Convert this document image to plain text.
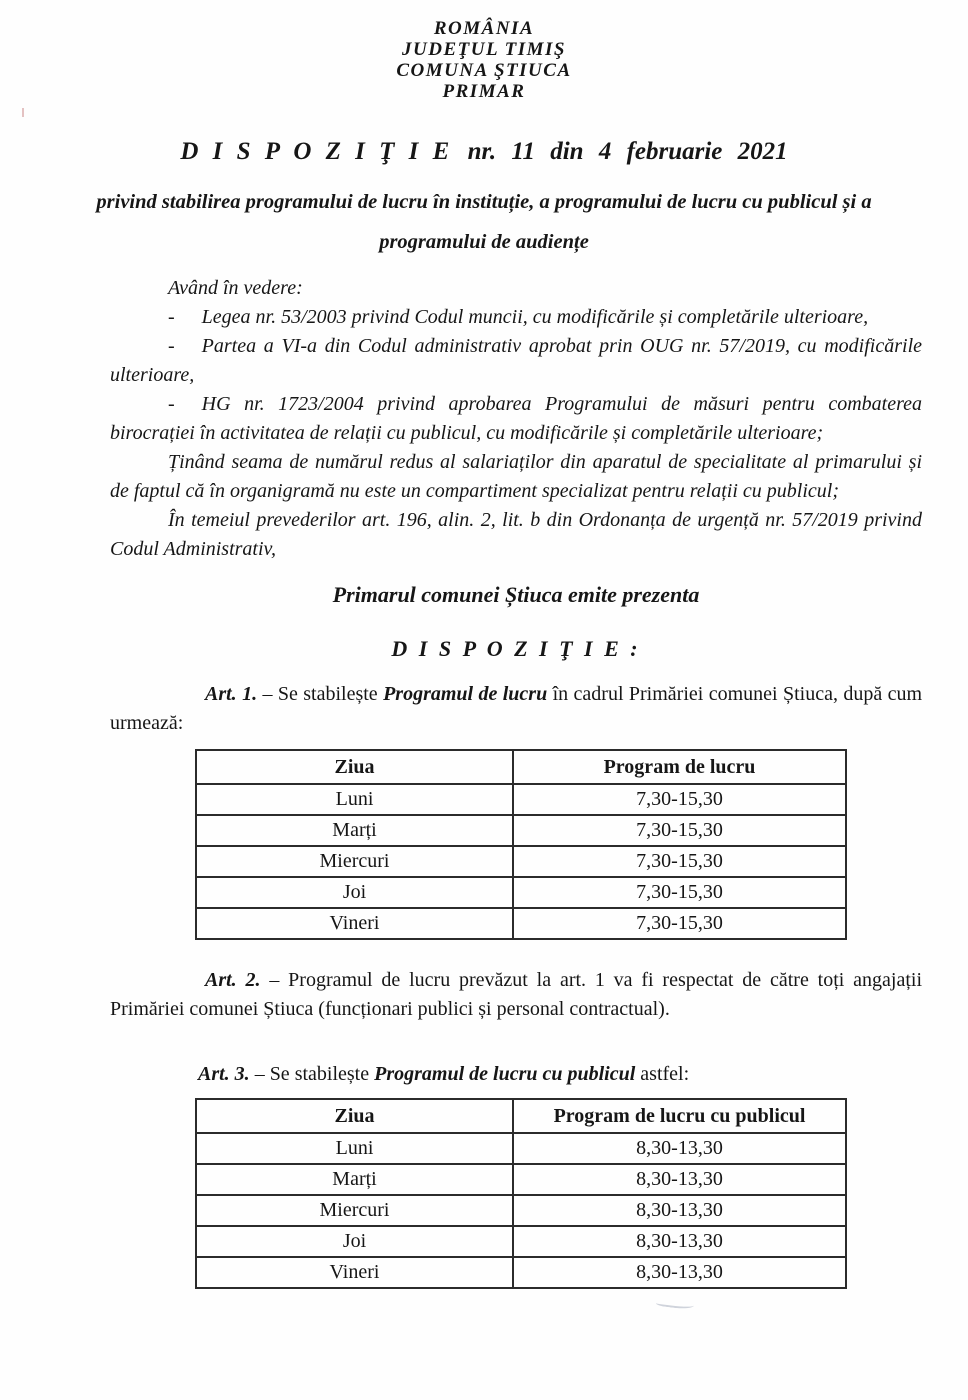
ROMÂNIA
JUDEŢUL TIMIŞ
COMUNA ŞTIUCA
PRIMAR
D I S P O Z I Ţ I E nr. 11 din 4 februarie 2021
privind stabilirea programului de lucru în instituție, a programului de lucru cu publicul și a programului de audiențe
Având în vedere:

- Legea nr. 53/2003 privind Codul muncii, cu modificările și completările ulterioare,

- Partea a VI-a din Codul administrativ aprobat prin OUG nr. 57/2019, cu modificările ulterioare,

- HG nr. 1723/2004 privind aprobarea Programului de măsuri pentru combaterea birocrației în activitatea de relații cu publicul, cu modificările și completările ulterioare;

Ținând seama de numărul redus al salariaților din aparatul de specialitate al primarului și de faptul că în organigramă nu este un compartiment specializat pentru relații cu publicul;

În temeiul prevederilor art. 196, alin. 2, lit. b din Ordonanța de urgență nr. 57/2019 privind Codul Administrativ,

Primarul comunei Știuca emite prezenta
D I S P O Z I Ţ I E :

Art. 1. – Se stabilește Programul de lucru în cadrul Primăriei comunei Știuca, după cum urmează:

Ziua	Program de lucru
Luni	7,30-15,30
Marți	7,30-15,30
Miercuri	7,30-15,30
Joi	7,30-15,30
Vineri	7,30-15,30

Art. 2. – Programul de lucru prevăzut la art. 1 va fi respectat de către toți angajații Primăriei comunei Știuca (funcționari publici și personal contractual).

Art. 3. – Se stabilește Programul de lucru cu publicul astfel:

Ziua	Program de lucru cu publicul
Luni	8,30-13,30
Marți	8,30-13,30
Miercuri	8,30-13,30
Joi	8,30-13,30
Vineri	8,30-13,30
